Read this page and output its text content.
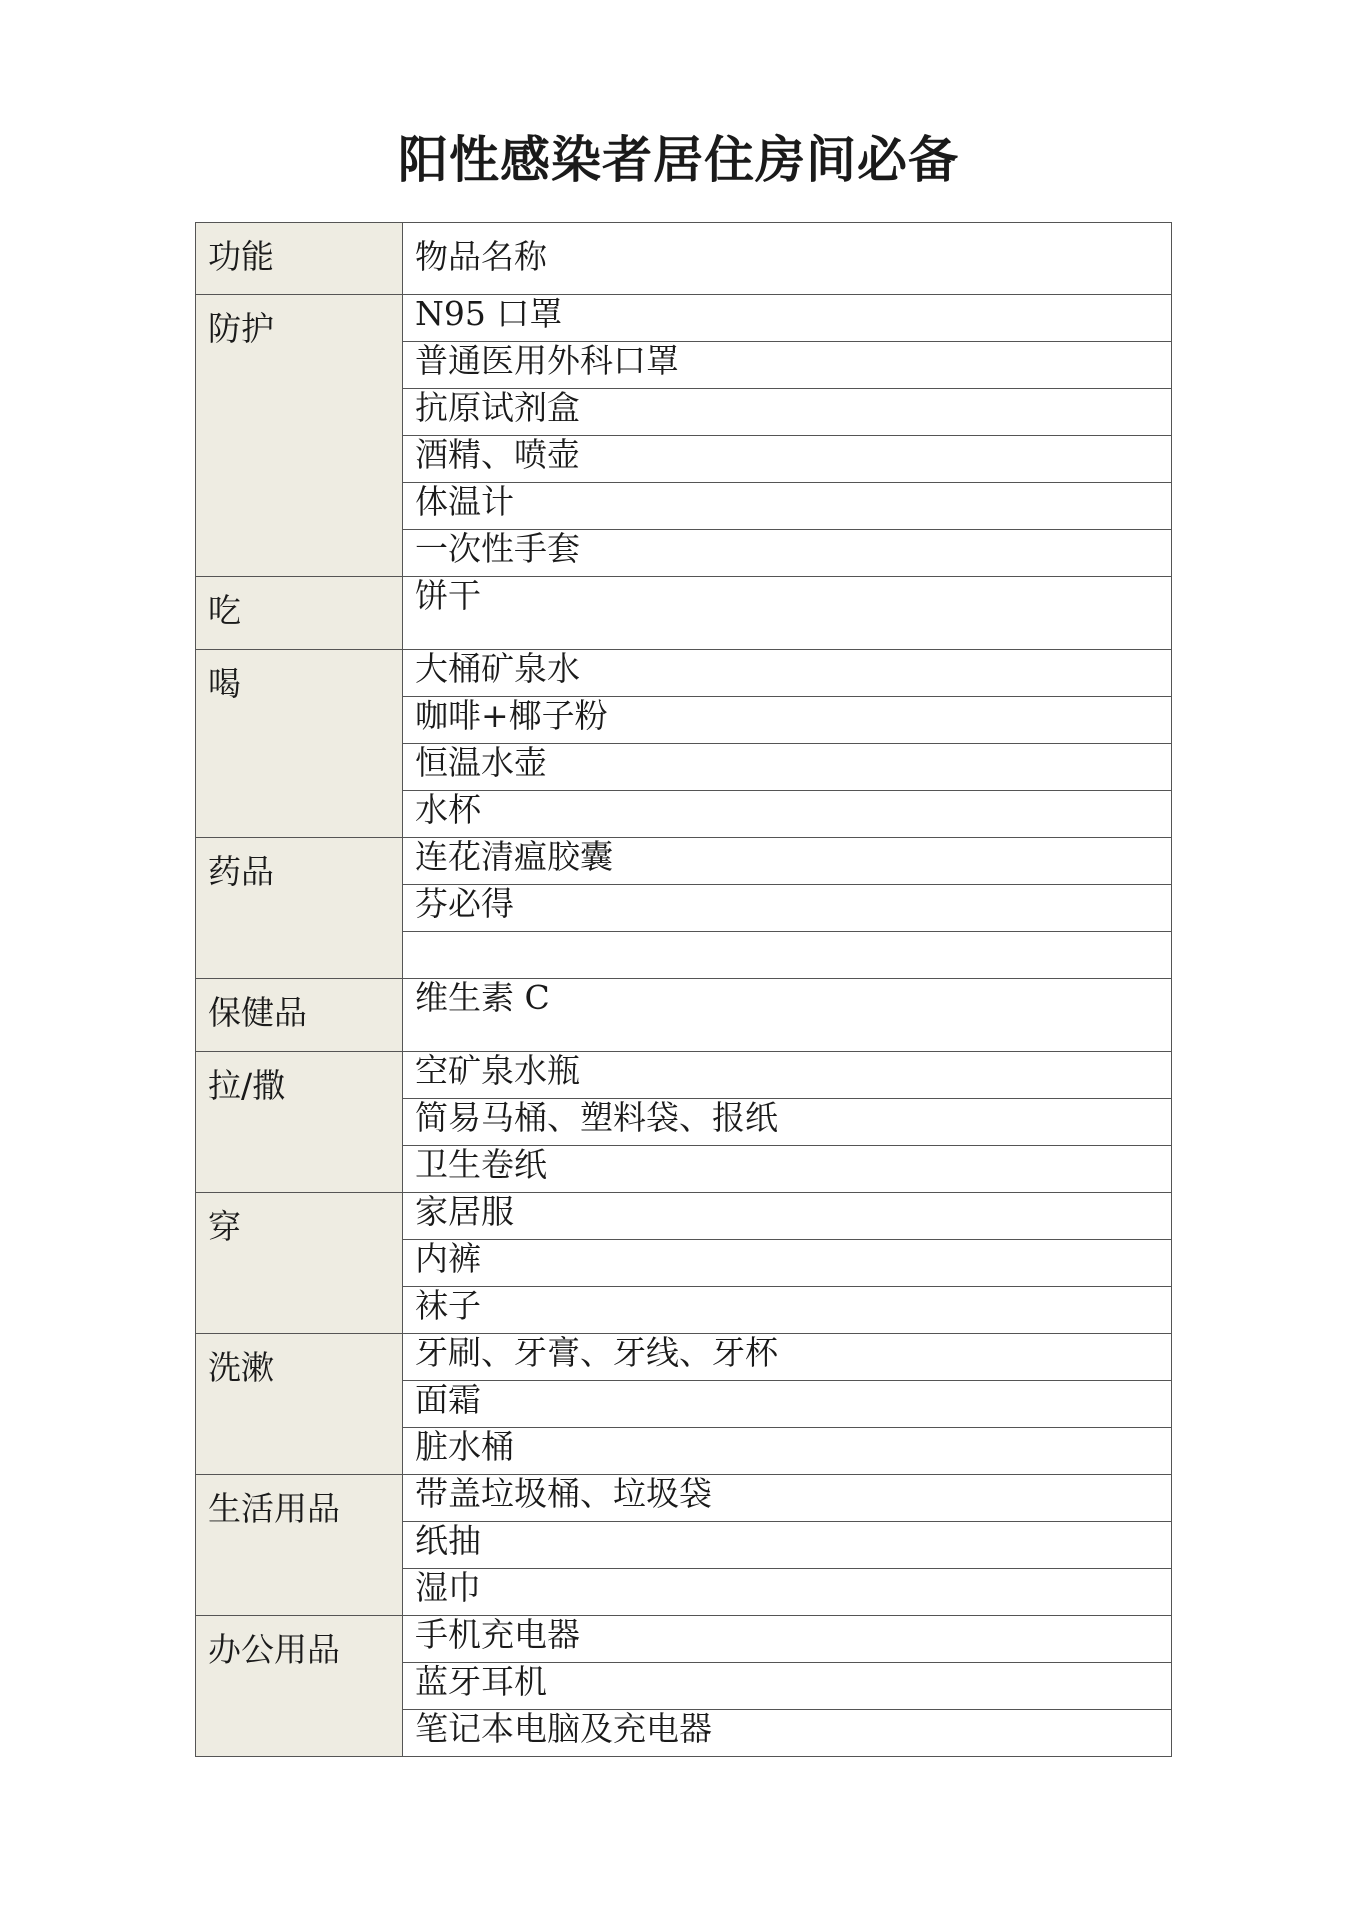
阳性感染者居住房间必备
功能	物品名称

防护	N95 口罩

	普通医用外科口罩

	抗原试剂盒

	酒精、喷壶

	体温计

	一次性手套

吃	饼干

喝	大桶矿泉水

	咖啡+椰子粉

	恒温水壶

	水杯

药品	连花清瘟胶囊

	芬必得

保健品	维生素 C

拉/撒	空矿泉水瓶

	简易马桶、塑料袋、报纸

	卫生卷纸

穿	家居服

	内裤

	袜子

洗漱	牙刷、牙膏、牙线、牙杯

	面霜

	脏水桶

生活用品	带盖垃圾桶、垃圾袋

	纸抽

	湿巾

办公用品	手机充电器

	蓝牙耳机

	笔记本电脑及充电器
